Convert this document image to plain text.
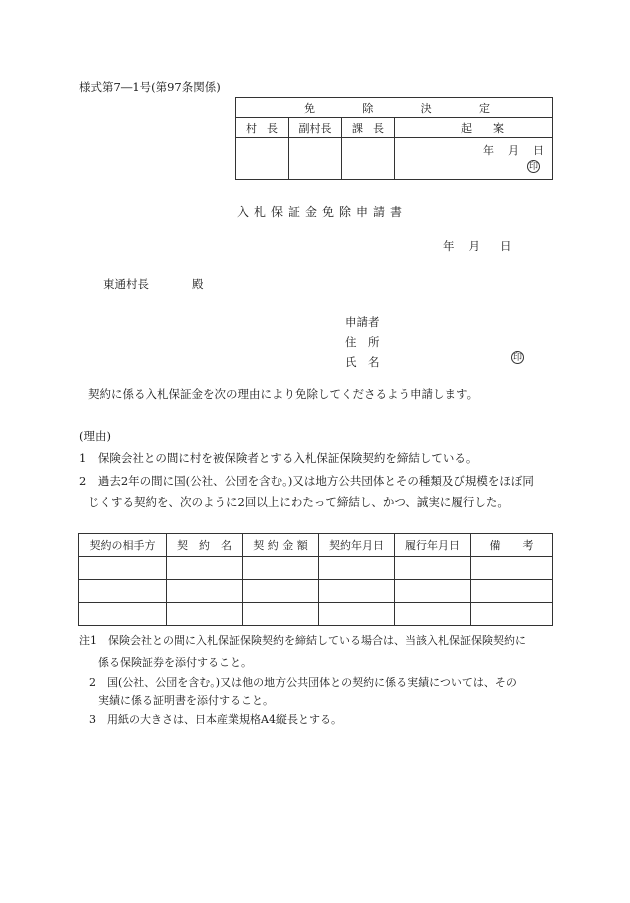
様式第7―1号(第97条関係)
免 除 決 定			

村 長	副村長	課 長	起 案

			年 月 日
印
入札保証金免除申請書
年 月 日
東通村長	殿
申請者
住　所
氏　名	印
契約に係る入札保証金を次の理由により免除してくださるよう申請します。
(理由)
1　保険会社との間に村を被保険者とする入札保証保険契約を締結している。
2　過去2年の間に国(公社、公団を含む。)又は地方公共団体とその種類及び規模をほぼ同
じくする契約を、次のように2回以上にわたって締結し、かつ、誠実に履行した。
契約の相手方	契　約　名	契 約 金 額	契約年月日	履行年月日	備　　考

注1　保険会社との間に入札保証保険契約を締結している場合は、当該入札保証保険契約に
係る保険証券を添付すること。
2　国(公社、公団を含む。)又は他の地方公共団体との契約に係る実績については、その
実績に係る証明書を添付すること。
3　用紙の大きさは、日本産業規格A4縦長とする。
